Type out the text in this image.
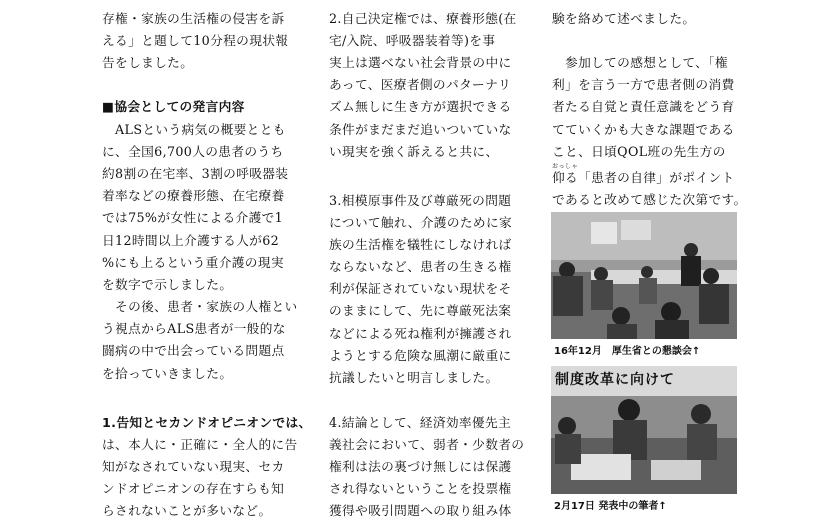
存権・家族の生活権の侵害を訴
える」と題して10分程の現状報
告をしました。
■協会としての発言内容
　ALSという病気の概要ととも
に、全国6,700人の患者のうち
約8割の在宅率、3割の呼吸器装
着率などの療養形態、在宅療養
では75%が女性による介護で1
日12時間以上介護する人が62
%にも上るという重介護の現実
を数字で示しました。
　その後、患者・家族の人権とい
う視点からALS患者が一般的な
闘病の中で出会っている問題点
を拾っていきました。
1.告知とセカンドオピニオンでは、
は、本人に・正確に・全人的に告
知がなされていない現実、セカ
ンドオピニオンの存在すらも知
らされないことが多いなど。
2.自己決定権では、療養形態(在
宅/入院、呼吸器装着等)を事
実上は選べない社会背景の中に
あって、医療者側のパターナリ
ズム無しに生き方が選択できる
条件がまだまだ追いついていな
い現実を強く訴えると共に、
3.相模原事件及び尊厳死の問題
について触れ、介護のために家
族の生活権を犠牲にしなければ
ならないなど、患者の生きる権
利が保証されていない現状をそ
のままにして、先に尊厳死法案
などによる死ね権利が擁護され
ようとする危険な風潮に厳重に
抗議したいと明言しました。
4.結論として、経済効率優先主
義社会において、弱者・少数者の
権利は法の裏づけ無しには保護
され得ないということを投票権
獲得や吸引問題への取り組み体
験を絡めて述べました。
　参加しての感想として、「権
利」を言う一方で患者側の消費
者たる自覚と責任意識をどう育
てていくかも大きな課題である
こと、日頃QOL班の先生方の
おっしゃ
仰る「患者の自律」がポイント
であると改めて感じた次第です。
16年12月　厚生省との懇談会↑
制度改革に向けて
2月17日 発表中の筆者↑
